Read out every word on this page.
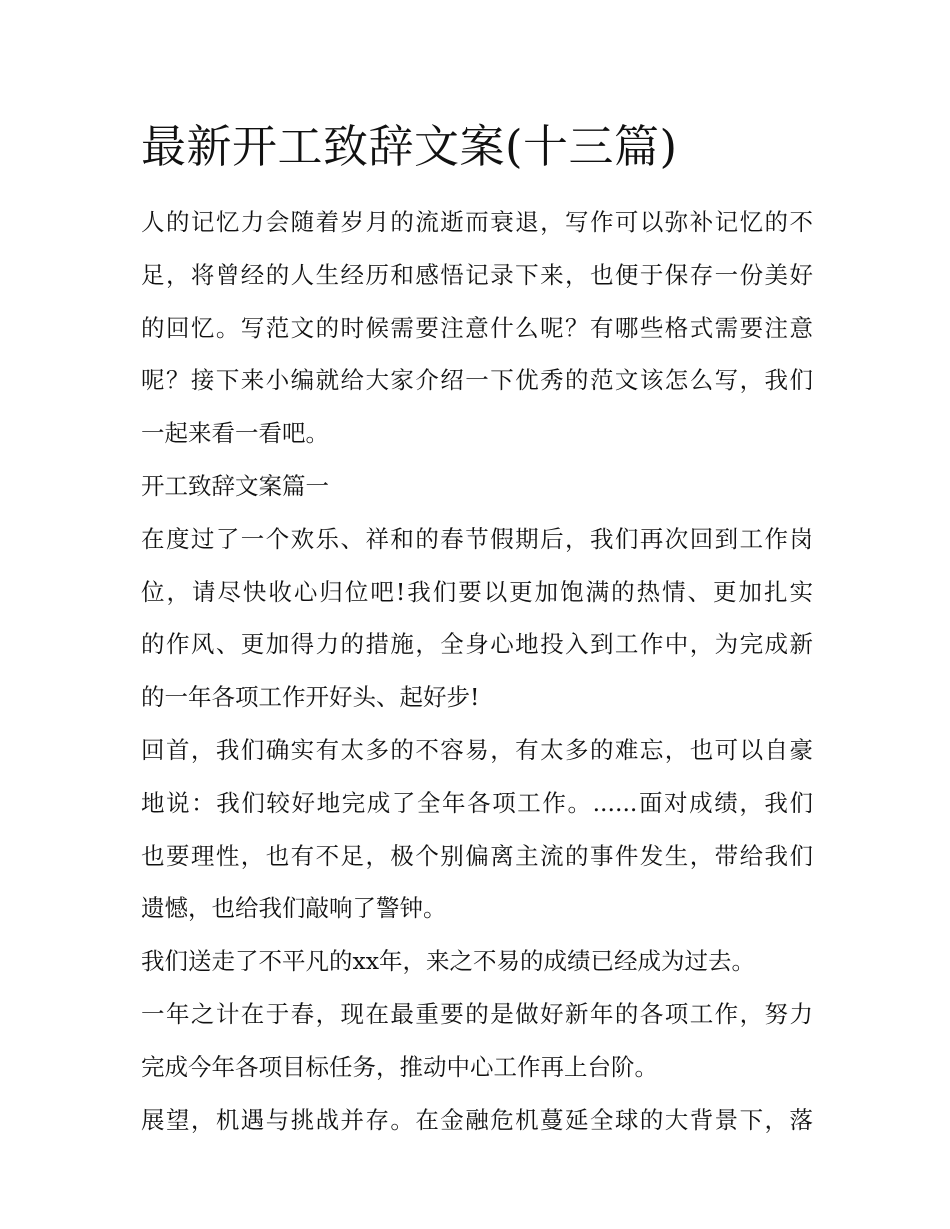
最新开工致辞文案(十三篇)
人的记忆力会随着岁月的流逝而衰退，写作可以弥补记忆的不
足，将曾经的人生经历和感悟记录下来，也便于保存一份美好
的回忆。写范文的时候需要注意什么呢？有哪些格式需要注意
呢？接下来小编就给大家介绍一下优秀的范文该怎么写，我们
一起来看一看吧。
开工致辞文案篇一
在度过了一个欢乐、祥和的春节假期后，我们再次回到工作岗
位，请尽快收心归位吧!我们要以更加饱满的热情、更加扎实
的作风、更加得力的措施，全身心地投入到工作中，为完成新
的一年各项工作开好头、起好步!
回首，我们确实有太多的不容易，有太多的难忘，也可以自豪
地说：我们较好地完成了全年各项工作。......面对成绩，我们
也要理性，也有不足，极个别偏离主流的事件发生，带给我们
遗憾，也给我们敲响了警钟。
我们送走了不平凡的xx年，来之不易的成绩已经成为过去。
一年之计在于春，现在最重要的是做好新年的各项工作，努力
完成今年各项目标任务，推动中心工作再上台阶。
展望，机遇与挑战并存。在金融危机蔓延全球的大背景下，落
